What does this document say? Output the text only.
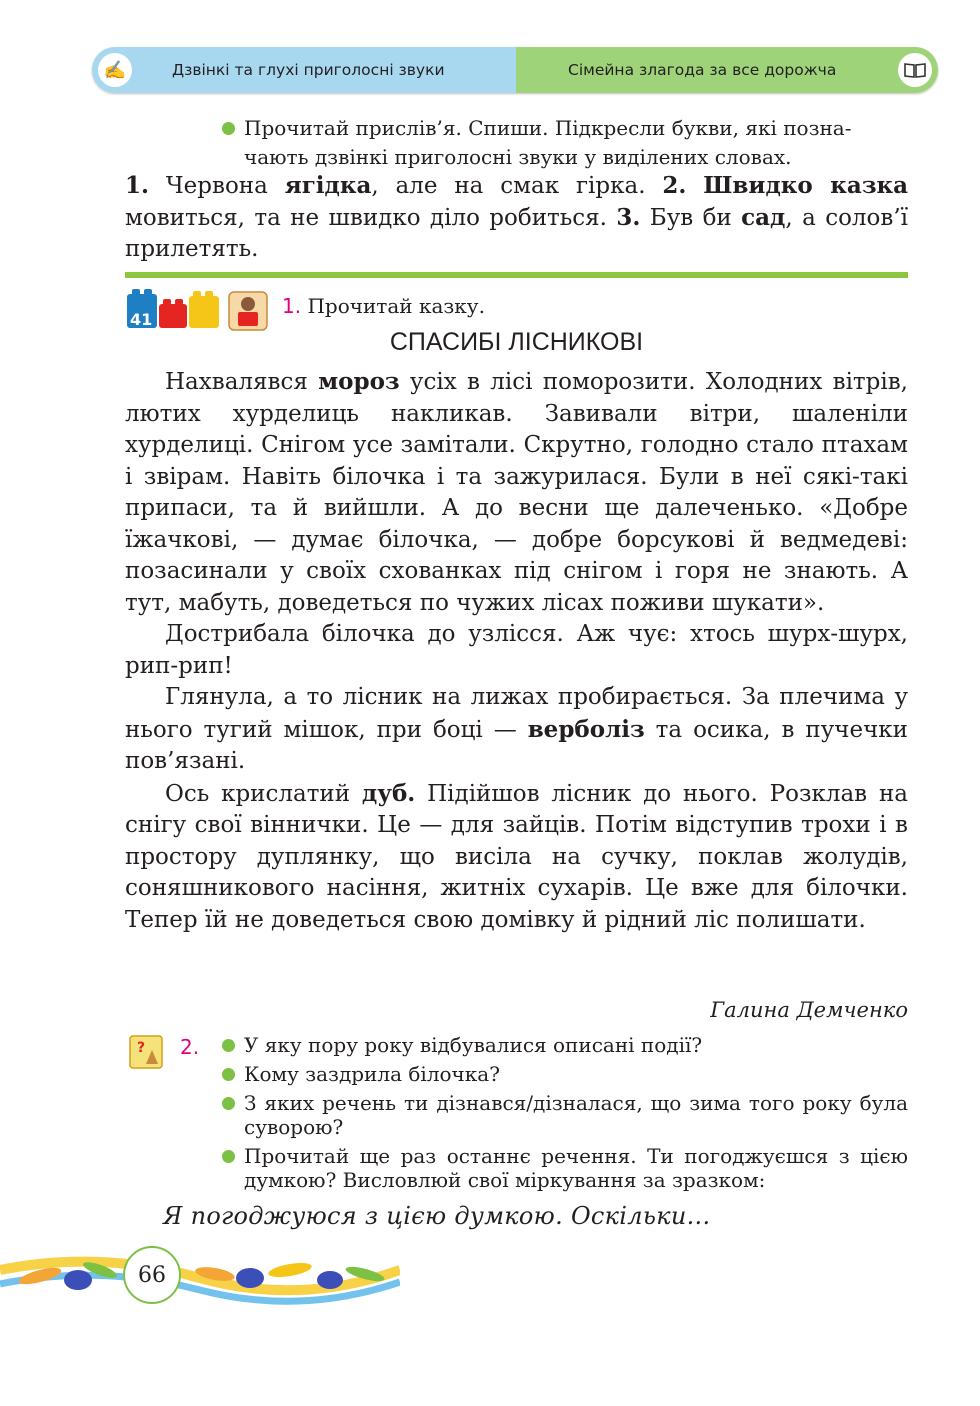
✍	Дзвінкі та глухі приголосні звуки	Сімейна злагода за все дорожча
Прочитай прислів’я. Спиши. Підкресли букви, які позна-
чають дзвінкі приголосні звуки у виділених словах.
1. Червона ягідка, але на смак гірка. 2. Швидко казка мовиться, та не швидко діло робиться. 3. Був би сад, а солов’ї прилетять.
41
1. Прочитай казку.
СПАСИБІ ЛІСНИКОВІ

Нахвалявся мороз усіх в лісі поморозити. Холодних вітрів, лютих хурделиць накликав. Завивали вітри, шаленіли хурделиці. Снігом усе замітали. Скрутно, голодно стало птахам і звірам. Навіть білочка і та зажурилася. Були в неї сякі-такі припаси, та й вийшли. А до весни ще далеченько. «Добре їжачкові, — думає білочка, — добре борсукові й ведмедеві: позасинали у своїх схованках під снігом і горя не знають. А тут, мабуть, доведеться по чужих лісах поживи шукати».

Дострибала білочка до узлісся. Аж чує: хтось шурх-шурх, рип-рип!

Глянула, а то лісник на лижах пробирається. За плечима у нього тугий мішок, при боці — верболіз та осика, в пучечки пов’язані.

Ось крислатий дуб. Підійшов лісник до нього. Розклав на снігу свої віннички. Це — для зайців. Потім відступив трохи і в простору дуплянку, що висіла на сучку, поклав жолудів, соняшникового насіння, житніх сухарів. Це вже для білочки. Тепер їй не доведеться свою домівку й рідний ліс полишати.

Галина Демченко
? 2.	У яку пору року відбувалися описані події?
Кому заздрила білочка?
З яких речень ти дізнався/дізналася, що зима того року була суворою?
Прочитай ще раз останнє речення. Ти погоджуєшся з цією думкою? Висловлюй свої міркування за зразком:
Я погоджуюся з цією думкою. Оскільки...
66
